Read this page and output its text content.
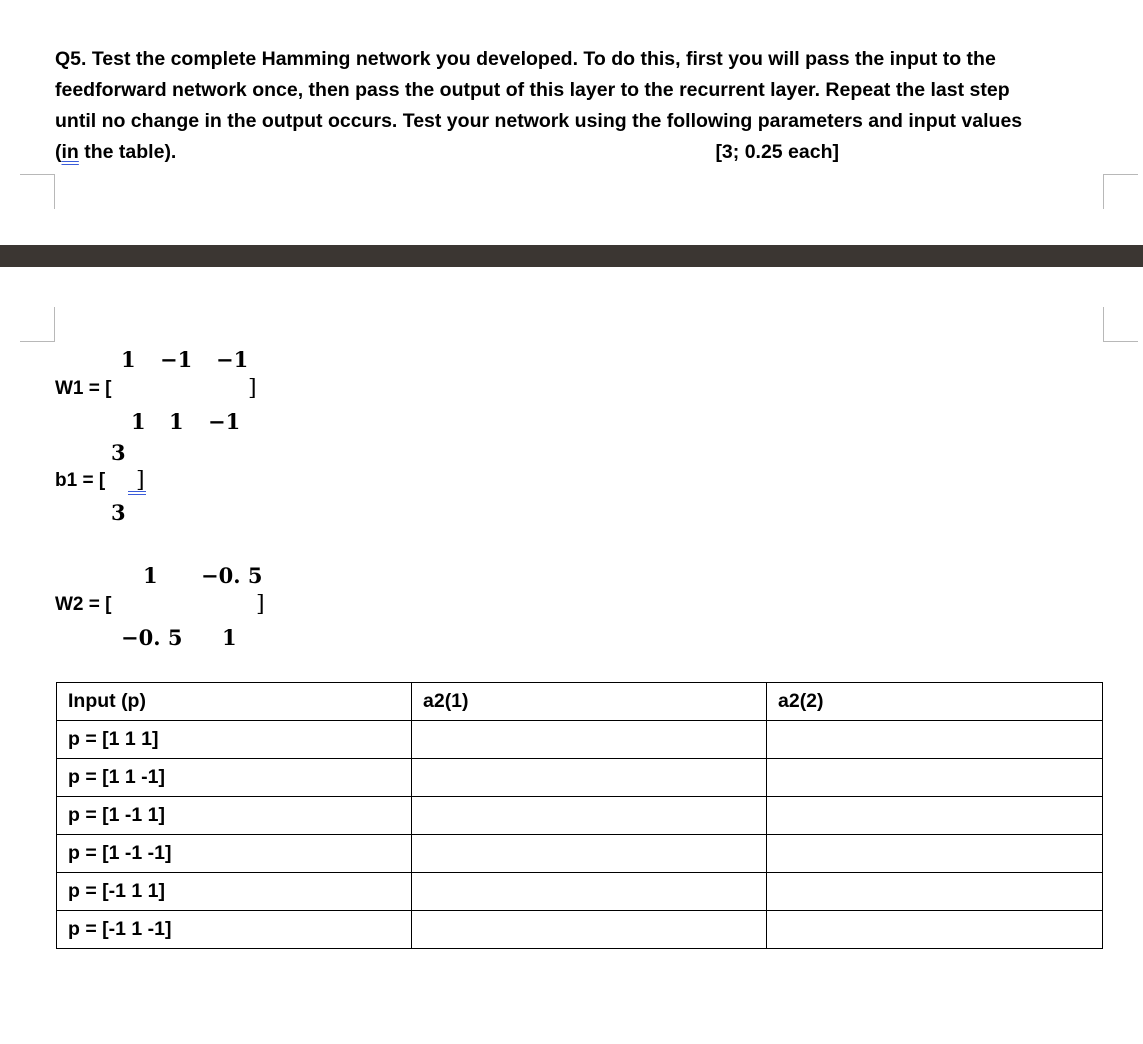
Q5. Test the complete Hamming network you developed. To do this, first you will pass the input to the
feedforward network once, then pass the output of this layer to the recurrent layer. Repeat the last step
until no change in the output occurs. Test your network using the following parameters and input values
(in the table).	[3; 0.25 each]
1 −1 −1
W1 = [	]
1 1 −1
3
b1 = [ ]
3
1 −0. 5
W2 = [	]
−0. 5 1
Input (p)	a2(1)	a2(2)
p = [1 1 1]		
p = [1 1 -1]		
p = [1 -1 1]		
p = [1 -1 -1]		
p = [-1 1 1]		
p = [-1 1 -1]		
